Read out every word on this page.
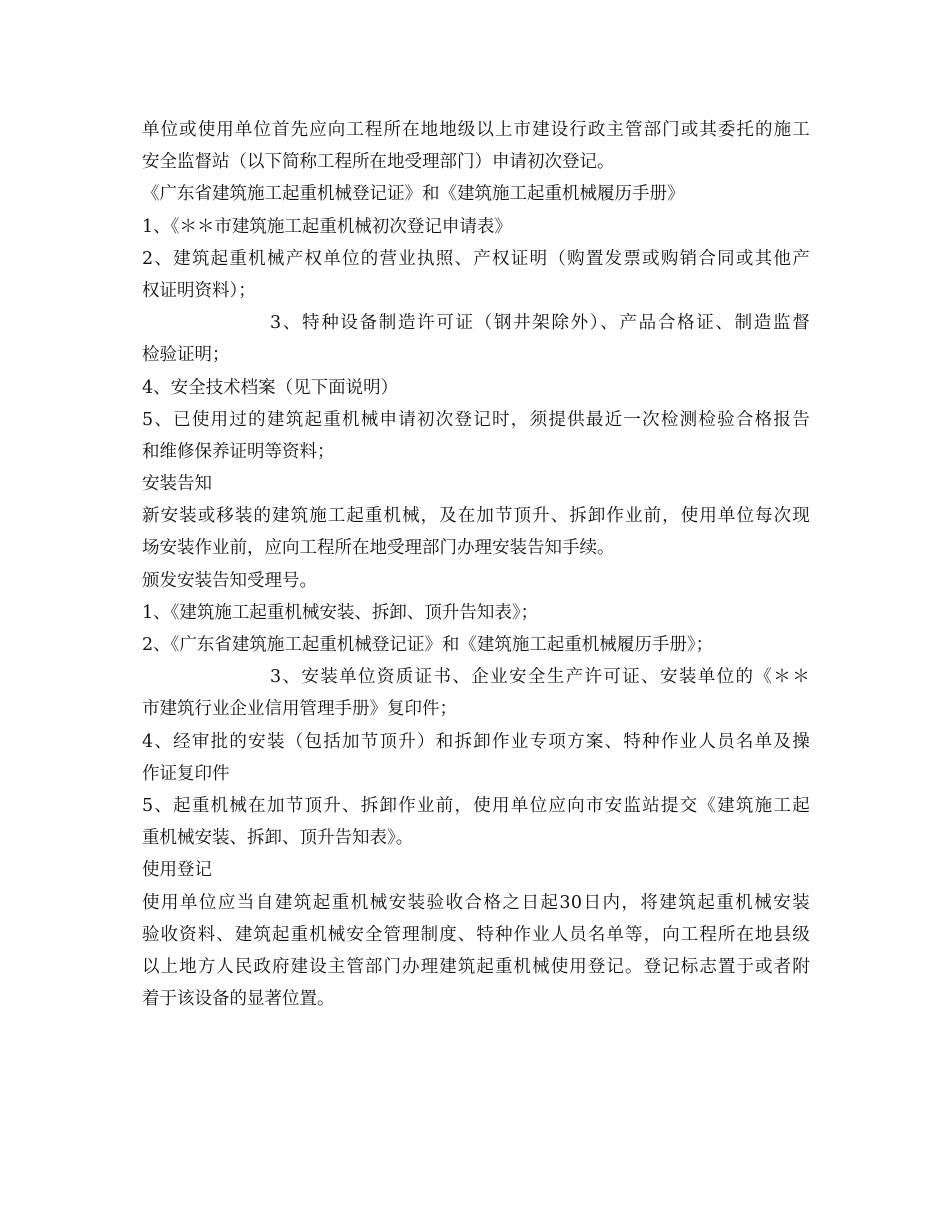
单位或使用单位首先应向工程所在地地级以上市建设行政主管部门或其委托的施工
安全监督站（以下简称工程所在地受理部门）申请初次登记。
《广东省建筑施工起重机械登记证》和《建筑施工起重机械履历手册》
1、《＊＊市建筑施工起重机械初次登记申请表》
2、建筑起重机械产权单位的营业执照、产权证明（购置发票或购销合同或其他产
权证明资料）；
3、特种设备制造许可证（钢井架除外）、产品合格证、制造监督
检验证明；
4、安全技术档案（见下面说明）
5、已使用过的建筑起重机械申请初次登记时，须提供最近一次检测检验合格报告
和维修保养证明等资料；
安装告知
新安装或移装的建筑施工起重机械，及在加节顶升、拆卸作业前，使用单位每次现
场安装作业前，应向工程所在地受理部门办理安装告知手续。
颁发安装告知受理号。
1、《建筑施工起重机械安装、拆卸、顶升告知表》；
2、《广东省建筑施工起重机械登记证》和《建筑施工起重机械履历手册》；
3、安装单位资质证书、企业安全生产许可证、安装单位的《＊＊
市建筑行业企业信用管理手册》复印件；
4、经审批的安装（包括加节顶升）和拆卸作业专项方案、特种作业人员名单及操
作证复印件
5、起重机械在加节顶升、拆卸作业前，使用单位应向市安监站提交《建筑施工起
重机械安装、拆卸、顶升告知表》。
使用登记
使用单位应当自建筑起重机械安装验收合格之日起30日内，将建筑起重机械安装
验收资料、建筑起重机械安全管理制度、特种作业人员名单等，向工程所在地县级
以上地方人民政府建设主管部门办理建筑起重机械使用登记。登记标志置于或者附
着于该设备的显著位置。
